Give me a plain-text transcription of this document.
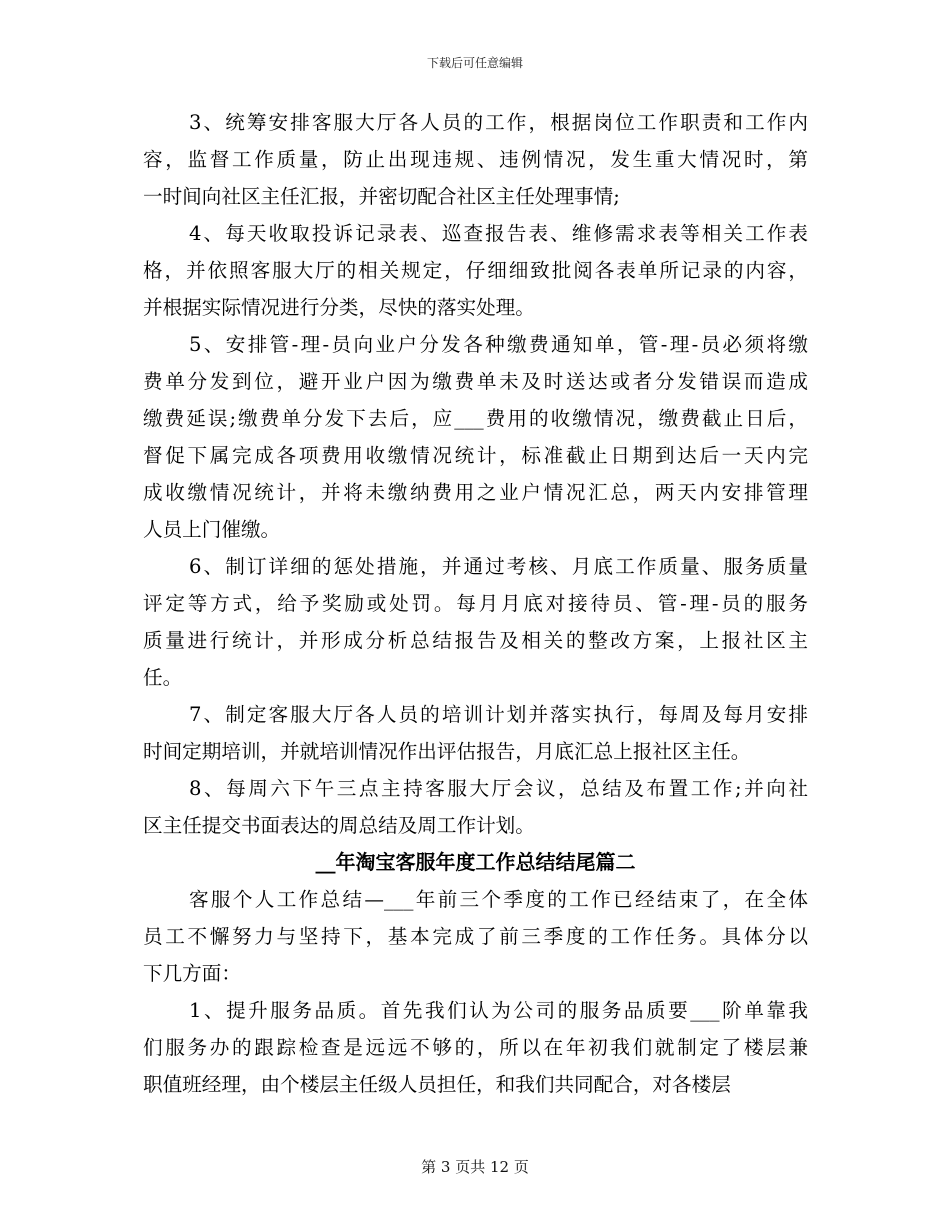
下载后可任意编辑
3、统筹安排客服大厅各人员的工作，根据岗位工作职责和工作内
容，监督工作质量，防止出现违规、违例情况，发生重大情况时，第
一时间向社区主任汇报，并密切配合社区主任处理事情;
4、每天收取投诉记录表、巡查报告表、维修需求表等相关工作表
格，并依照客服大厅的相关规定，仔细细致批阅各表单所记录的内容，
并根据实际情况进行分类，尽快的落实处理。
5、安排管-理-员向业户分发各种缴费通知单，管-理-员必须将缴
费单分发到位，避开业户因为缴费单未及时送达或者分发错误而造成
缴费延误;缴费单分发下去后，应___费用的收缴情况，缴费截止日后，
督促下属完成各项费用收缴情况统计，标准截止日期到达后一天内完
成收缴情况统计，并将未缴纳费用之业户情况汇总，两天内安排管理
人员上门催缴。
6、制订详细的惩处措施，并通过考核、月底工作质量、服务质量
评定等方式，给予奖励或处罚。每月月底对接待员、管-理-员的服务
质量进行统计，并形成分析总结报告及相关的整改方案，上报社区主
任。
7、制定客服大厅各人员的培训计划并落实执行，每周及每月安排
时间定期培训，并就培训情况作出评估报告，月底汇总上报社区主任。
8、每周六下午三点主持客服大厅会议，总结及布置工作;并向社
区主任提交书面表达的周总结及周工作计划。
__年淘宝客服年度工作总结结尾篇二
客服个人工作总结—___年前三个季度的工作已经结束了，在全体
员工不懈努力与坚持下，基本完成了前三季度的工作任务。具体分以
下几方面：
1、提升服务品质。首先我们认为公司的服务品质要___阶单靠我
们服务办的跟踪检查是远远不够的，所以在年初我们就制定了楼层兼
职值班经理，由个楼层主任级人员担任，和我们共同配合，对各楼层
第 3 页共 12 页
